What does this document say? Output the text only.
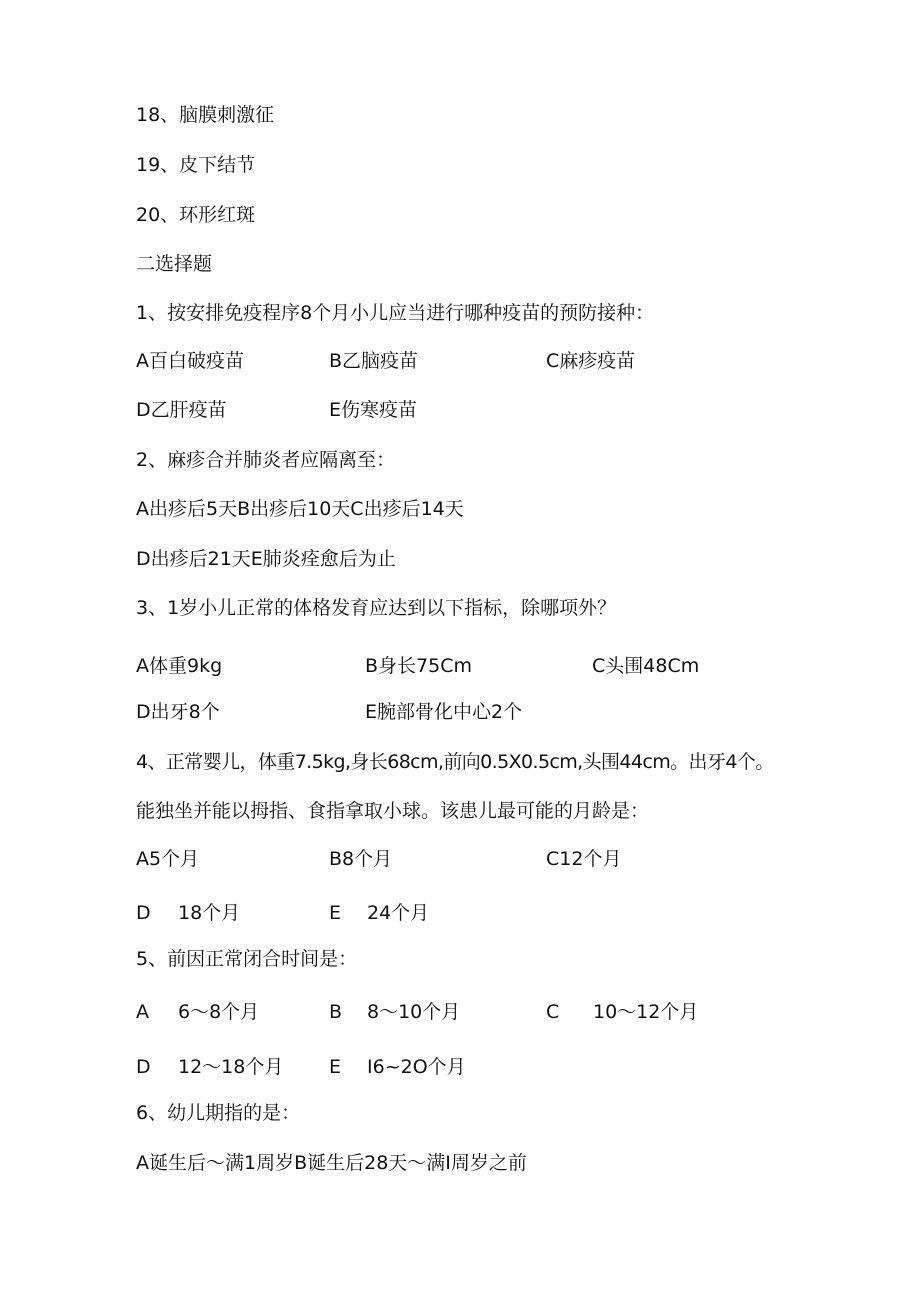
18、脑膜刺激征
19、皮下结节
20、环形红斑
二选择题
1、按安排免疫程序8个月小儿应当进行哪种疫苗的预防接种：
A百白破疫苗	B乙脑疫苗	C麻疹疫苗
D乙肝疫苗	E伤寒疫苗
2、麻疹合并肺炎者应隔离至：
A出疹后5天B出疹后10天C出疹后14天
D出疹后21天E肺炎痊愈后为止
3、1岁小儿正常的体格发育应达到以下指标，除哪项外？
A体重9kg	B身长75Cm	C头围48Cm
D出牙8个	E腕部骨化中心2个
4、正常婴儿，体重7.5kg,身长68cm,前向0.5X0.5cm,头围44cm。出牙4个。
能独坐并能以拇指、食指拿取小球。该患儿最可能的月龄是：
A5个月	B8个月	C12个月
D 18个月	E 24个月
5、前因正常闭合时间是：
A 6～8个月	B 8～10个月	C 10～12个月
D 12～18个月 E I6~2O个月
6、幼儿期指的是：
A诞生后～满1周岁B诞生后28天～满I周岁之前
